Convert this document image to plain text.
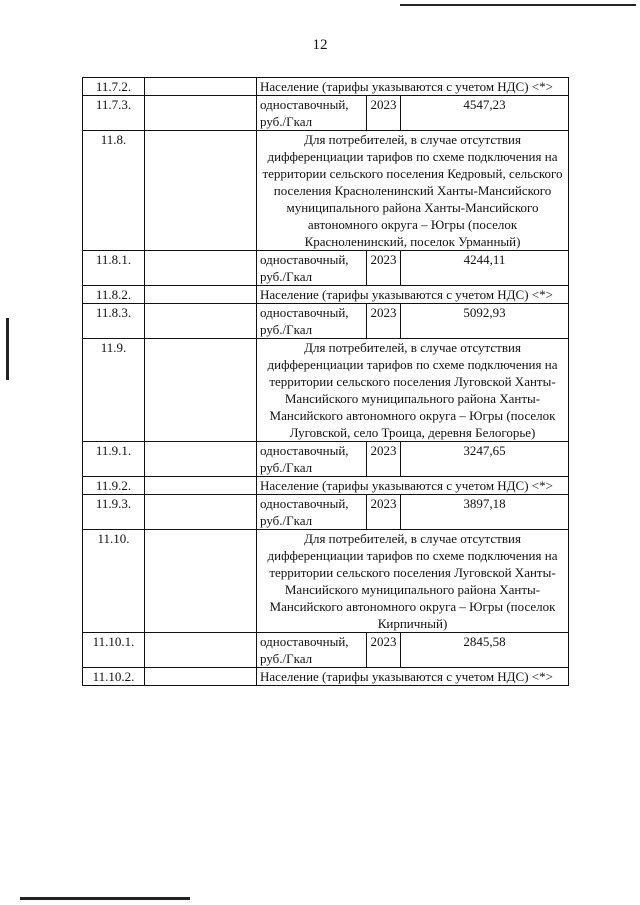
12
11.7.2.		Население (тарифы указываются с учетом НДС) <*>		
11.7.3.		одноставочный, руб./Гкал	2023	4547,23
11.8.		Для потребителей, в случае отсутствия дифференциации тарифов по схеме подключения на территории сельского поселения Кедровый, сельского поселения Красноленинский Ханты-Мансийского муниципального района Ханты-Мансийского автономного округа – Югры (поселок Красноленинский, поселок Урманный)		
11.8.1.		одноставочный, руб./Гкал	2023	4244,11
11.8.2.		Население (тарифы указываются с учетом НДС) <*>		
11.8.3.		одноставочный, руб./Гкал	2023	5092,93
11.9.		Для потребителей, в случае отсутствия дифференциации тарифов по схеме подключения на территории сельского поселения Луговской Ханты-Мансийского муниципального района Ханты-Мансийского автономного округа – Югры (поселок Луговской, село Троица, деревня Белогорье)		
11.9.1.		одноставочный, руб./Гкал	2023	3247,65
11.9.2.		Население (тарифы указываются с учетом НДС) <*>		
11.9.3.		одноставочный, руб./Гкал	2023	3897,18
11.10.		Для потребителей, в случае отсутствия дифференциации тарифов по схеме подключения на территории сельского поселения Луговской Ханты-Мансийского муниципального района Ханты-Мансийского автономного округа – Югры (поселок Кирпичный)		
11.10.1.		одноставочный, руб./Гкал	2023	2845,58
11.10.2.		Население (тарифы указываются с учетом НДС) <*>		
